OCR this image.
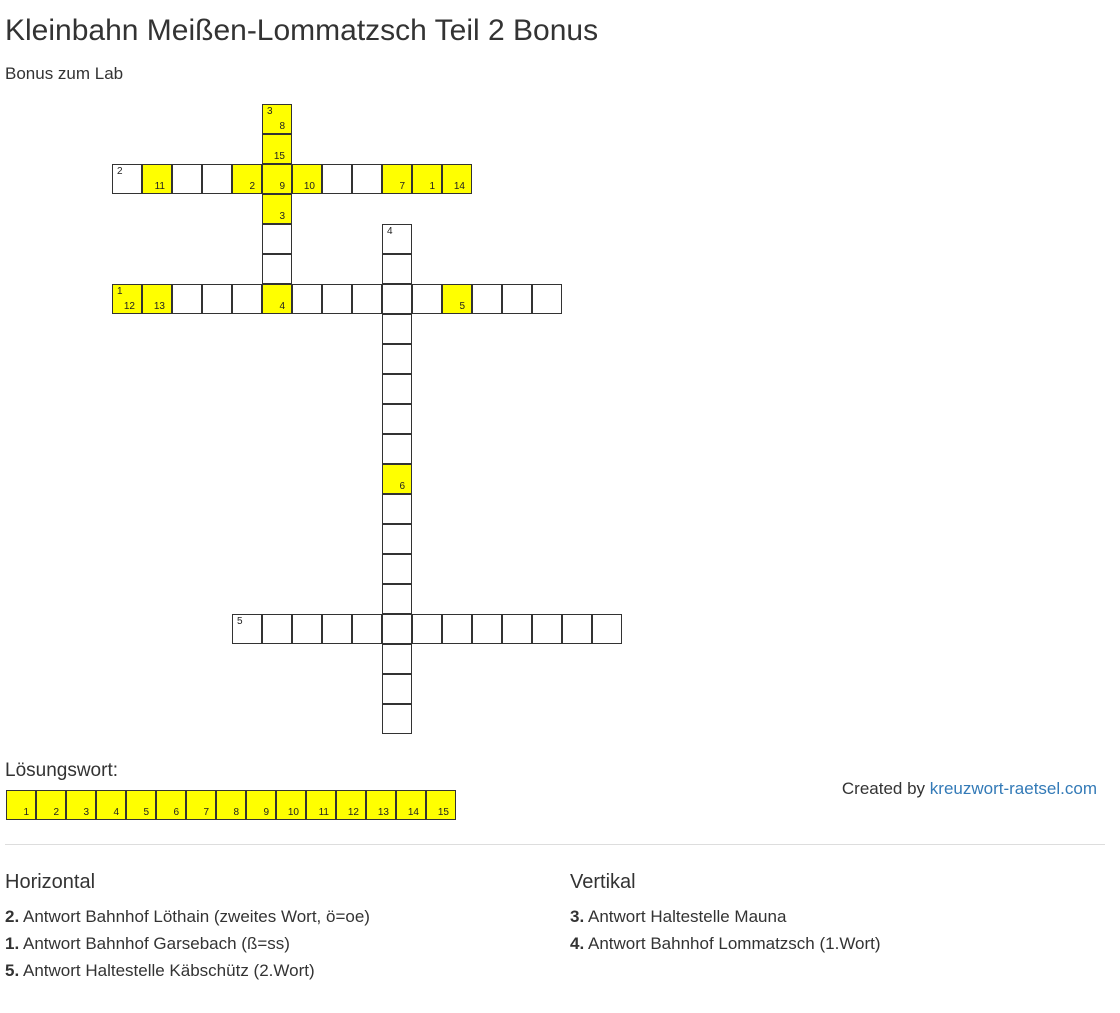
Kleinbahn Meißen-Lommatzsch Teil 2 Bonus
Bonus zum Lab
3
8
15
2
11	2 9 10	7 1 14
3
4
1
12 13	4	5
6
5
Lösungswort:
1 2 3 4 5 6 7 8 9 10 11 12 13 14 15
Created by kreuzwort-raetsel.com
Horizontal
2. Antwort Bahnhof Löthain (zweites Wort, ö=oe)
1. Antwort Bahnhof Garsebach (ß=ss)
5. Antwort Haltestelle Käbschütz (2.Wort)
Vertikal
3. Antwort Haltestelle Mauna
4. Antwort Bahnhof Lommatzsch (1.Wort)
